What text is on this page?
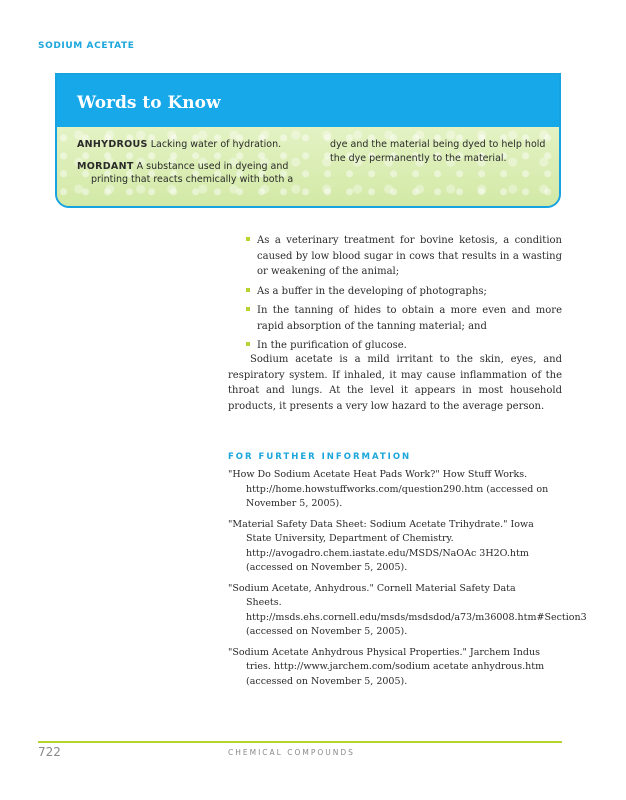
SODIUM ACETATE
Words to Know
ANHYDROUS Lacking water of hydration.
MORDANT A substance used in dyeing and
printing that reacts chemically with both a
dye and the material being dyed to help hold the dye permanently to the material.
As a veterinary treatment for bovine ketosis, a condition caused by low blood sugar in cows that results in a wasting or weakening of the animal;
As a buffer in the developing of photographs;
In the tanning of hides to obtain a more even and more rapid absorption of the tanning material; and
In the purification of glucose.

Sodium acetate is a mild irritant to the skin, eyes, and respiratory system. If inhaled, it may cause inflammation of the throat and lungs. At the level it appears in most household products, it presents a very low hazard to the average person.

FOR FURTHER INFORMATION
"How Do Sodium Acetate Heat Pads Work?" How Stuff Works.
http://home.howstuffworks.com/question290.htm (accessed on November 5, 2005).
"Material Safety Data Sheet: Sodium Acetate Trihydrate." Iowa
State University, Department of Chemistry. http://avogadro.chem.iastate.edu/MSDS/NaOAc 3H2O.htm (accessed on November 5, 2005).
"Sodium Acetate, Anhydrous." Cornell Material Safety Data
Sheets. http://msds.ehs.cornell.edu/msds/msdsdod/a73/m36008.htm#Section3 (accessed on November 5, 2005).
"Sodium Acetate Anhydrous Physical Properties." Jarchem Indus
tries. http://www.jarchem.com/sodium acetate anhydrous.htm (accessed on November 5, 2005).
722	CHEMICAL COMPOUNDS
